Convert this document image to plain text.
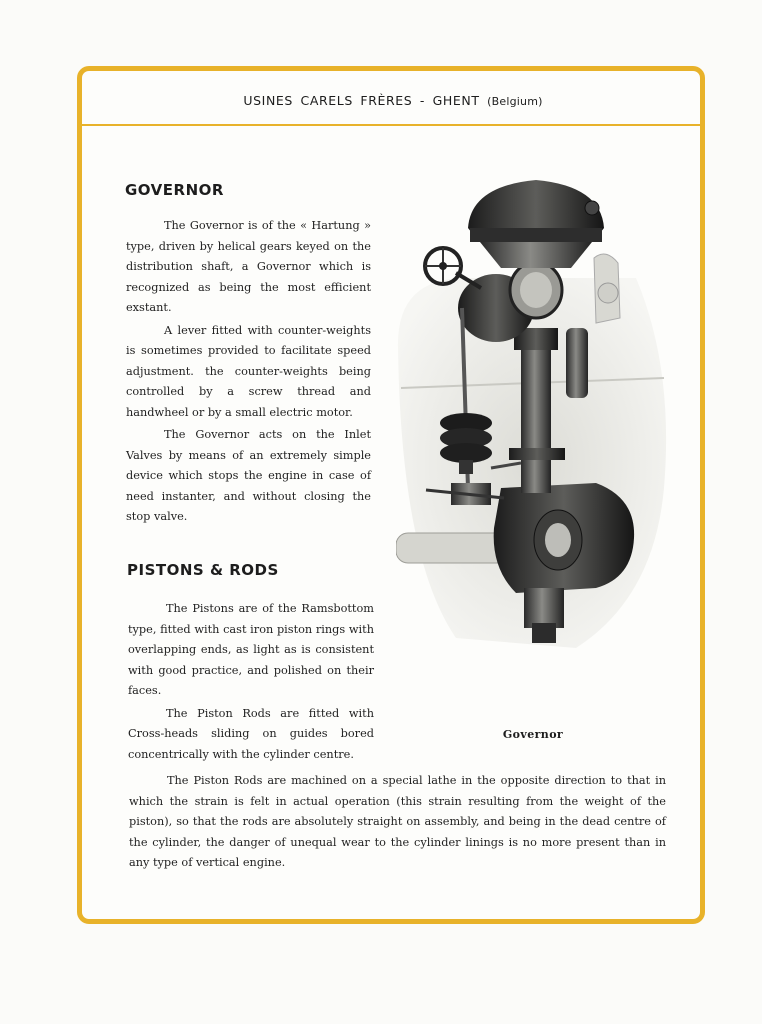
USINES CARELS FRÈRES - GHENT (Belgium)
GOVERNOR

The Governor is of the « Hartung » type, driven by helical gears keyed on the distribution shaft, a Governor which is recognized as being the most efficient exstant.

A lever fitted with counter-weights is sometimes provided to facilitate speed adjustment. the counter-weights being controlled by a screw thread and handwheel or by a small electric motor.

The Governor acts on the Inlet Valves by means of an extremely simple device which stops the engine in case of need instanter, and without closing the stop valve.

PISTONS & RODS

The Pistons are of the Ramsbottom type, fitted with cast iron piston rings with overlapping ends, as light as is consistent with good practice, and polished on their faces.

The Piston Rods are fitted with Cross-heads sliding on guides bored concentrically with the cylinder centre.

The Piston Rods are machined on a special lathe in the opposite direction to that in which the strain is felt in actual operation (this strain resulting from the weight of the piston), so that the rods are absolutely straight on assembly, and being in the dead centre of the cylinder, the danger of unequal wear to the cylinder linings is no more present than in any type of vertical engine.

Governor
